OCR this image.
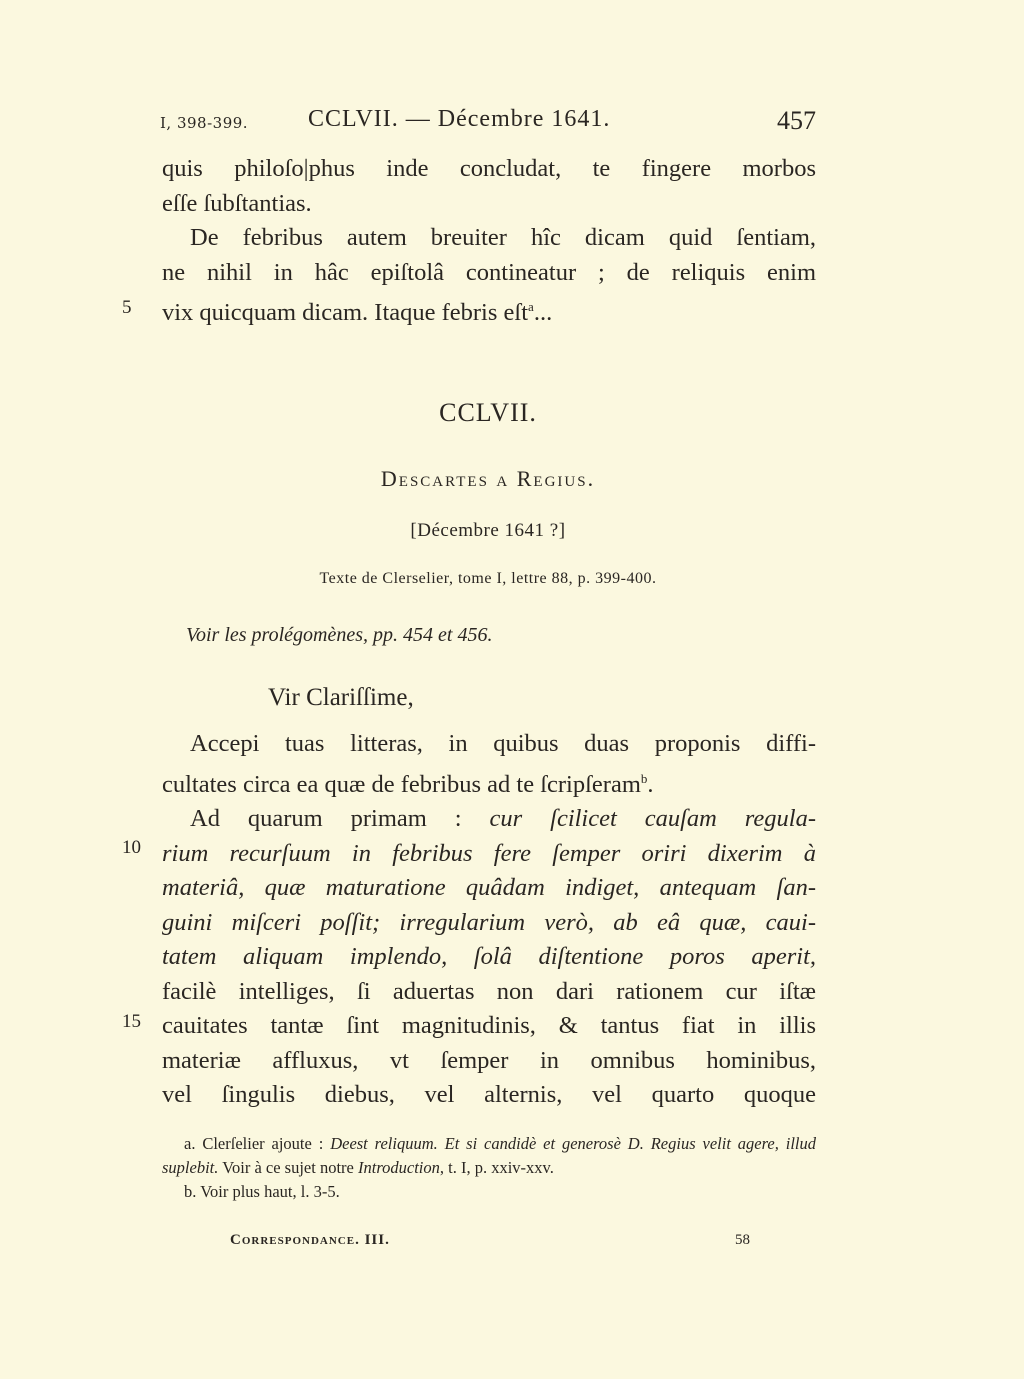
I, 398-399. CCLVII. — Décembre 1641.	457

quis philoſo|phus inde concludat, te fingere morbos

eſſe ſubſtantias.

De febribus autem breuiter hîc dicam quid ſentiam,

ne nihil in hâc epiſtolâ contineatur ; de reliquis enim

vix quicquam dicam. Itaque febris eſt$^a$...

5
CCLVII.
Descartes a Regius.
[Décembre 1641 ?]
Texte de Clerselier, tome I, lettre 88, p. 399-400.
Voir les prolégomènes, pp. 454 et 456.
Vir Clariſſime,

Accepi tuas litteras, in quibus duas proponis diffi-

cultates circa ea quæ de febribus ad te ſcripſeram$^b$.

Ad quarum primam : cur ſcilicet cauſam regula-

rium recurſuum in febribus fere ſemper oriri dixerim à

materiâ, quæ maturatione quâdam indiget, antequam ſan-

guini miſceri poſſit; irregularium verò, ab eâ quæ, caui-

tatem aliquam implendo, ſolâ diſtentione poros aperit,

facilè intelliges, ſi aduertas non dari rationem cur iſtæ

cauitates tantæ ſint magnitudinis, & tantus fiat in illis

materiæ affluxus, vt ſemper in omnibus hominibus,

vel ſingulis diebus, vel alternis, vel quarto quoque

10
15

a. Clerſelier ajoute : Deest reliquum. Et si candidè et generosè D. Regius velit agere, illud suplebit. Voir à ce sujet notre Introduction, t. I, p. xxiv-xxv.

b. Voir plus haut, l. 3-5.

Correspondance. III.	58
